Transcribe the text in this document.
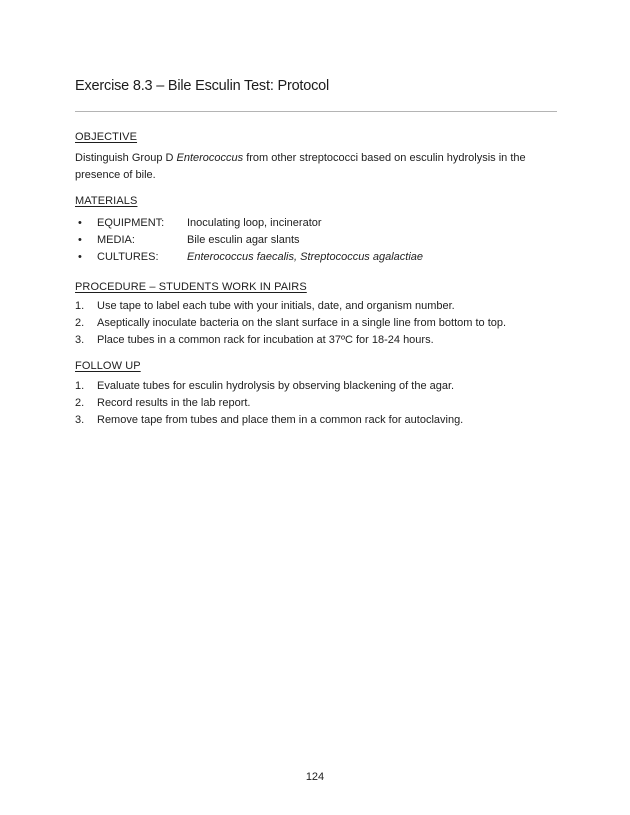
Exercise 8.3 – Bile Esculin Test: Protocol
OBJECTIVE

Distinguish Group D Enterococcus from other streptococci based on esculin hydrolysis in the presence of bile.

MATERIALS
•	EQUIPMENT:	Inoculating loop, incinerator
•	MEDIA:	Bile esculin agar slants
•	CULTURES:	Enterococcus faecalis, Streptococcus agalactiae
PROCEDURE – STUDENTS WORK IN PAIRS
1.	Use tape to label each tube with your initials, date, and organism number.
2.	Aseptically inoculate bacteria on the slant surface in a single line from bottom to top.
3.	Place tubes in a common rack for incubation at 37ºC for 18-24 hours.
FOLLOW UP
1.	Evaluate tubes for esculin hydrolysis by observing blackening of the agar.
2.	Record results in the lab report.
3.	Remove tape from tubes and place them in a common rack for autoclaving.
124
